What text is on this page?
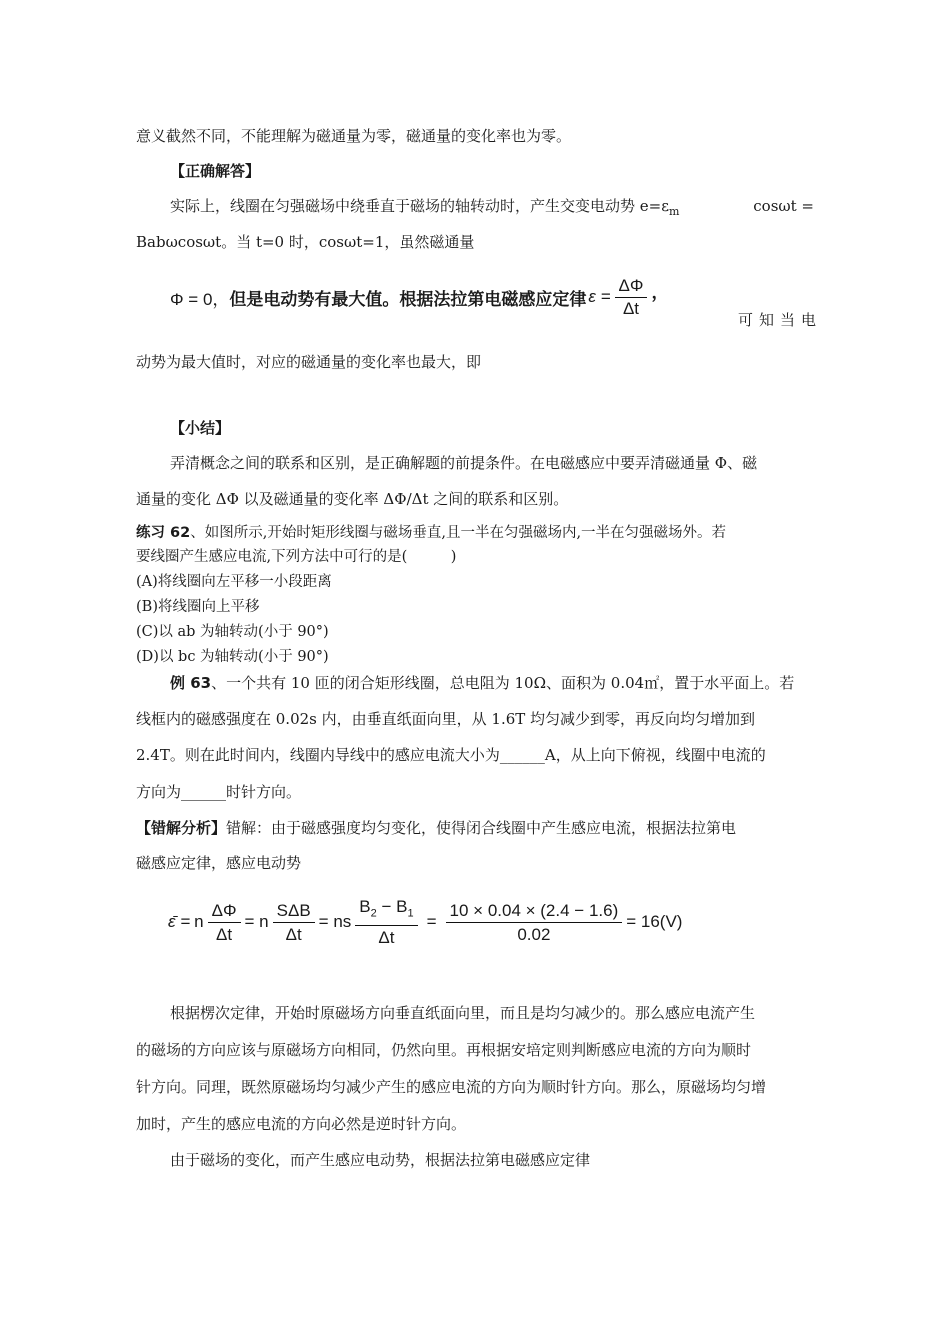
意义截然不同，不能理解为磁通量为零，磁通量的变化率也为零。
【正确解答】
实际上，线圈在匀强磁场中绕垂直于磁场的轴转动时，产生交变电动势 $e=\varepsilon_m$	cosωt =
Babωcosωt。当 t=0 时，cosωt=1，虽然磁通量
Φ = 0， 但是电动势有最大值。根据法拉第电磁感应定律 $\varepsilon = \frac{\Delta\Phi}{\Delta t}$ ，
可知当电
动势为最大值时，对应的磁通量的变化率也最大，即
【小结】
弄清概念之间的联系和区别，是正确解题的前提条件。在电磁感应中要弄清磁通量 Φ、磁
通量的变化 ΔΦ 以及磁通量的变化率 ΔΦ/Δt 之间的联系和区别。
练习 62、如图所示,开始时矩形线圈与磁场垂直,且一半在匀强磁场内,一半在匀强磁场外。若
要线圈产生感应电流,下列方法中可行的是(　　　)
(A)将线圈向左平移一小段距离
(B)将线圈向上平移
(C)以 ab 为轴转动(小于 90°)
(D)以 bc 为轴转动(小于 90°)
例 63、一个共有 10 匝的闭合矩形线圈，总电阻为 10Ω、面积为 0.04㎡，置于水平面上。若
线框内的磁感强度在 0.02s 内，由垂直纸面向里，从 1.6T 均匀减少到零，再反向均匀增加到
2.4T。则在此时间内，线圈内导线中的感应电流大小为______A，从上向下俯视，线圈中电流的
方向为______时针方向。
【错解分析】错解：由于磁感强度均匀变化，使得闭合线圈中产生感应电流，根据法拉第电
磁感应定律，感应电动势
ε̄ = n $\frac{\Delta\Phi}{\Delta t} = n \frac{\text{SΔB}}{\Delta t}$ = ns $\frac{B_2 - B_1}{\Delta t} = \frac{10 \times 0.04 \times (2.4 - 1.6)}{0.02} = 16(V)$
根据楞次定律，开始时原磁场方向垂直纸面向里，而且是均匀减少的。那么感应电流产生
的磁场的方向应该与原磁场方向相同，仍然向里。再根据安培定则判断感应电流的方向为顺时
针方向。同理，既然原磁场均匀减少产生的感应电流的方向为顺时针方向。那么，原磁场均匀增
加时，产生的感应电流的方向必然是逆时针方向。
由于磁场的变化，而产生感应电动势，根据法拉第电磁感应定律
